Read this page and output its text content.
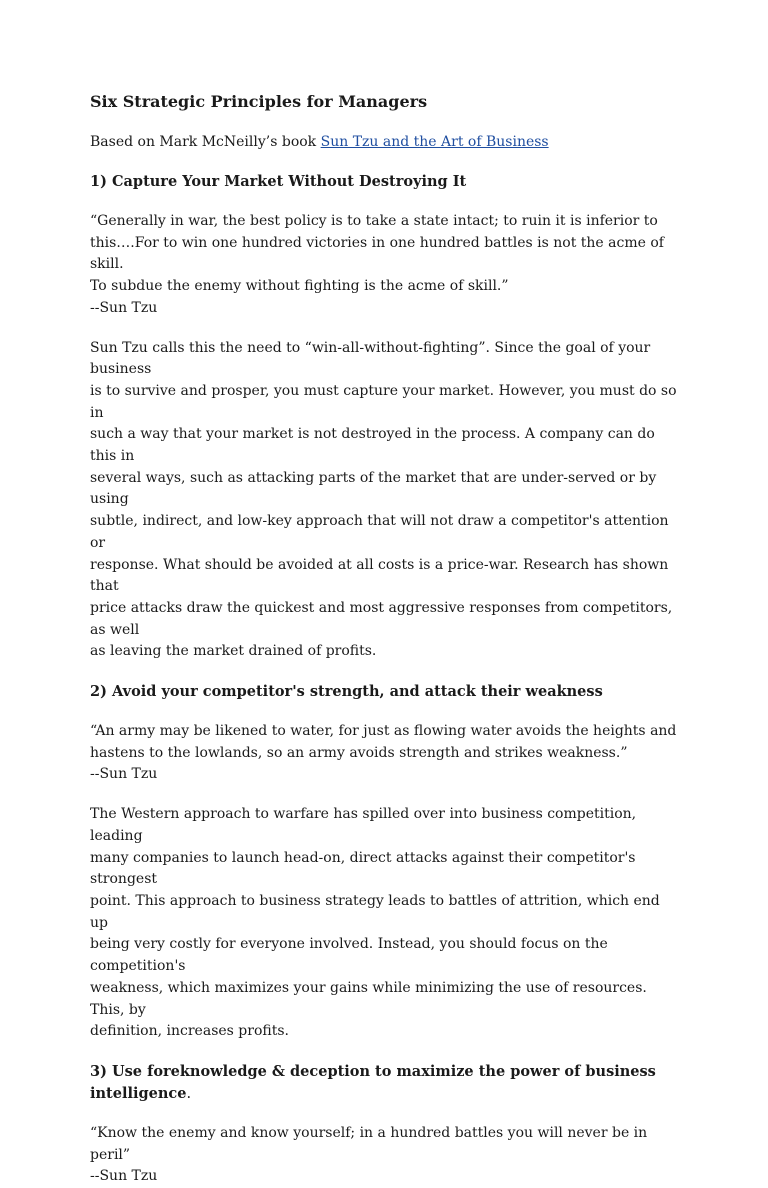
Six Strategic Principles for Managers
Based on Mark McNeilly’s book Sun Tzu and the Art of Business
1) Capture Your Market Without Destroying It
“Generally in war, the best policy is to take a state intact; to ruin it is inferior to
this….For to win one hundred victories in one hundred battles is not the acme of skill.
To subdue the enemy without fighting is the acme of skill.”
--Sun Tzu
Sun Tzu calls this the need to “win-all-without-fighting”. Since the goal of your business
is to survive and prosper, you must capture your market. However, you must do so in
such a way that your market is not destroyed in the process. A company can do this in
several ways, such as attacking parts of the market that are under-served or by using
subtle, indirect, and low-key approach that will not draw a competitor's attention or
response. What should be avoided at all costs is a price-war. Research has shown that
price attacks draw the quickest and most aggressive responses from competitors, as well
as leaving the market drained of profits.
2) Avoid your competitor's strength, and attack their weakness
“An army may be likened to water, for just as flowing water avoids the heights and
hastens to the lowlands, so an army avoids strength and strikes weakness.”
--Sun Tzu
The Western approach to warfare has spilled over into business competition, leading
many companies to launch head-on, direct attacks against their competitor's strongest
point. This approach to business strategy leads to battles of attrition, which end up
being very costly for everyone involved. Instead, you should focus on the competition's
weakness, which maximizes your gains while minimizing the use of resources. This, by
definition, increases profits.
3) Use foreknowledge & deception to maximize the power of business
intelligence.
“Know the enemy and know yourself; in a hundred battles you will never be in peril”
--Sun Tzu
